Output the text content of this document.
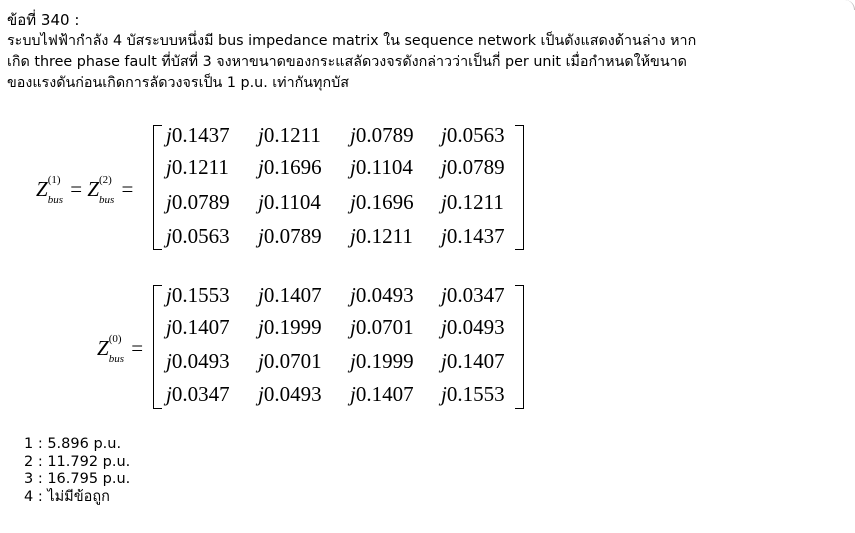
ข้อที่ 340 :
ระบบไฟฟ้ากำลัง 4 บัสระบบหนึ่งมี bus impedance matrix ใน sequence network เป็นดังแสดงด้านล่าง หาก
เกิด three phase fault ที่บัสที่ 3 จงหาขนาดของกระแสลัดวงจรดังกล่าวว่าเป็นกี่ per unit เมื่อกำหนดให้ขนาด
ของแรงดันก่อนเกิดการลัดวงจรเป็น 1 p.u. เท่ากันทุกบัส
Z (1)
bus = Z (2)
bus =
j0.1437	j0.1211	j0.0789	j0.0563
j0.1211	j0.1696	j0.1104	j0.0789
j0.0789	j0.1104	j0.1696	j0.1211
j0.0563	j0.0789	j0.1211	j0.1437
Z (0)
bus =
j0.1553	j0.1407	j0.0493	j0.0347
j0.1407	j0.1999	j0.0701	j0.0493
j0.0493	j0.0701	j0.1999	j0.1407
j0.0347	j0.0493	j0.1407	j0.1553
1 : 5.896 p.u.
2 : 11.792 p.u.
3 : 16.795 p.u.
4 : ไม่มีข้อถูก
